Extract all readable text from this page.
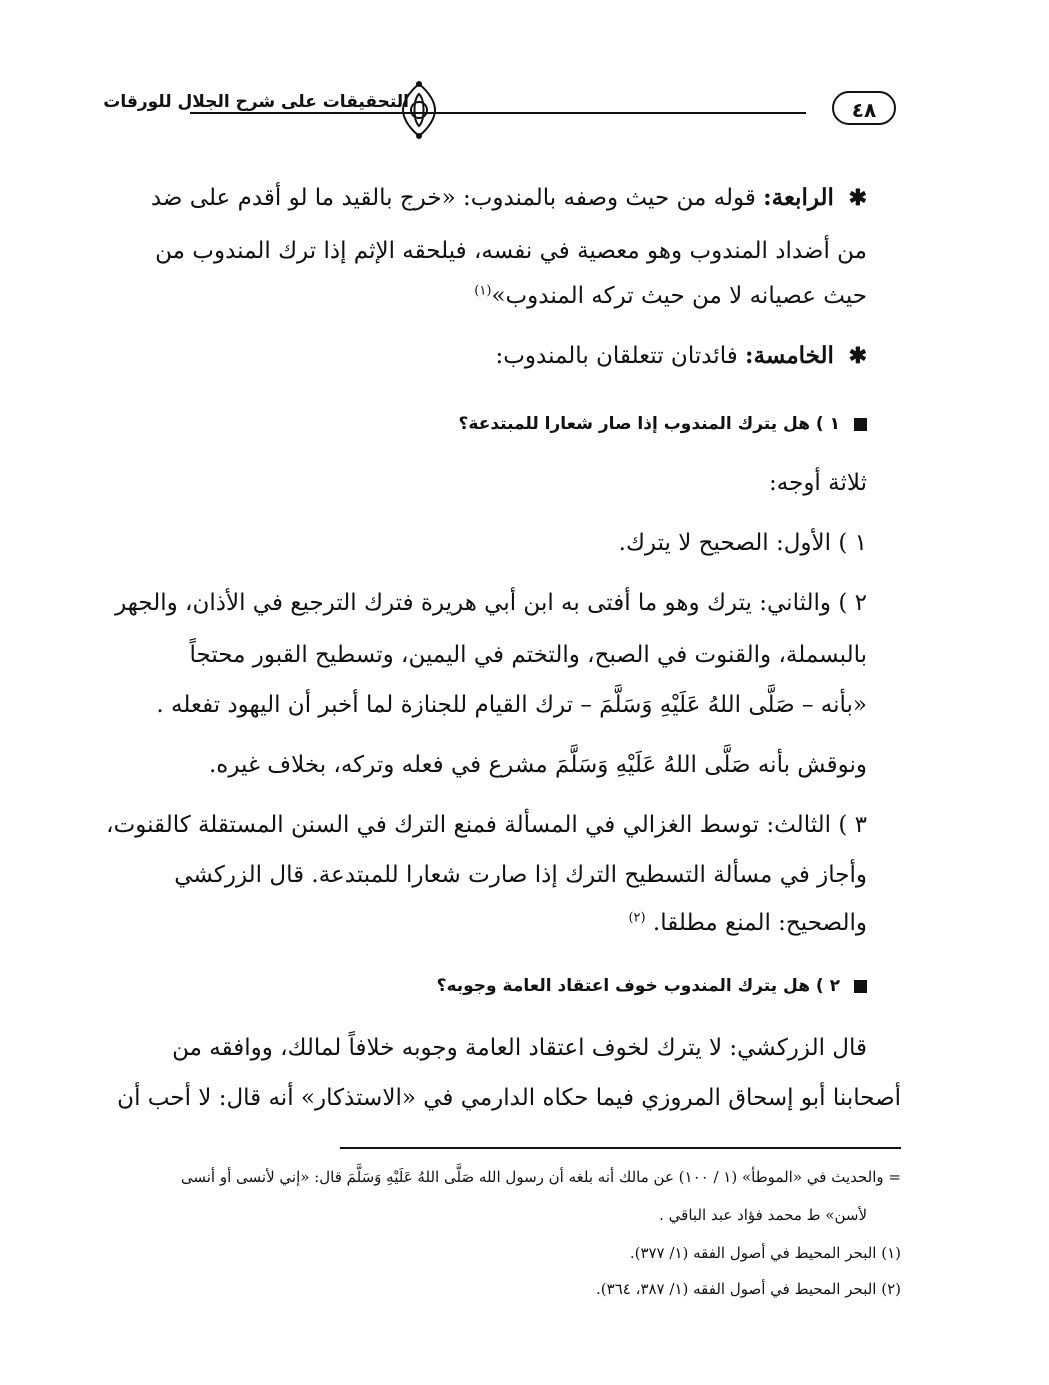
التحقيقات على شرح الجلال للورقات	٤٨
✱  الرابعة: قوله من حيث وصفه بالمندوب: «خرج بالقيد ما لو أقدم على ضد
من أضداد المندوب وهو معصية في نفسه، فيلحقه الإثم إذا ترك المندوب من
حيث عصيانه لا من حيث تركه المندوب»$^{(١)}$
✱  الخامسة: فائدتان تتعلقان بالمندوب:
١ ) هل يترك المندوب إذا صار شعارا للمبتدعة؟
ثلاثة أوجه:
١ ) الأول: الصحيح لا يترك.
٢ ) والثاني: يترك وهو ما أفتى به ابن أبي هريرة فترك الترجيع في الأذان، والجهر
بالبسملة، والقنوت في الصبح، والتختم في اليمين، وتسطيح القبور محتجاً
«بأنه – صَلَّى اللهُ عَلَيْهِ وَسَلَّمَ – ترك القيام للجنازة لما أخبر أن اليهود تفعله .
ونوقش بأنه صَلَّى اللهُ عَلَيْهِ وَسَلَّمَ مشرع في فعله وتركه، بخلاف غيره.
٣ ) الثالث: توسط الغزالي في المسألة فمنع الترك في السنن المستقلة كالقنوت،
وأجاز في مسألة التسطيح الترك إذا صارت شعارا للمبتدعة. قال الزركشي
والصحيح: المنع مطلقا. $^{(٢)}$
٢ ) هل يترك المندوب خوف اعتقاد العامة وجوبه؟
قال الزركشي: لا يترك لخوف اعتقاد العامة وجوبه خلافاً لمالك، ووافقه من
أصحابنا أبو إسحاق المروزي فيما حكاه الدارمي في «الاستذكار» أنه قال: لا أحب أن
= والحديث في «الموطأ» (١ / ١٠٠) عن مالك أنه بلغه أن رسول الله صَلَّى اللهُ عَلَيْهِ وَسَلَّمَ قال: «إني لأنسى أو أنسى
لأسن» ط محمد فؤاد عبد الباقي .
(١) البحر المحيط في أصول الفقه (١/ ٣٧٧).
(٢) البحر المحيط في أصول الفقه (١/ ٣٨٧، ٣٦٤).
